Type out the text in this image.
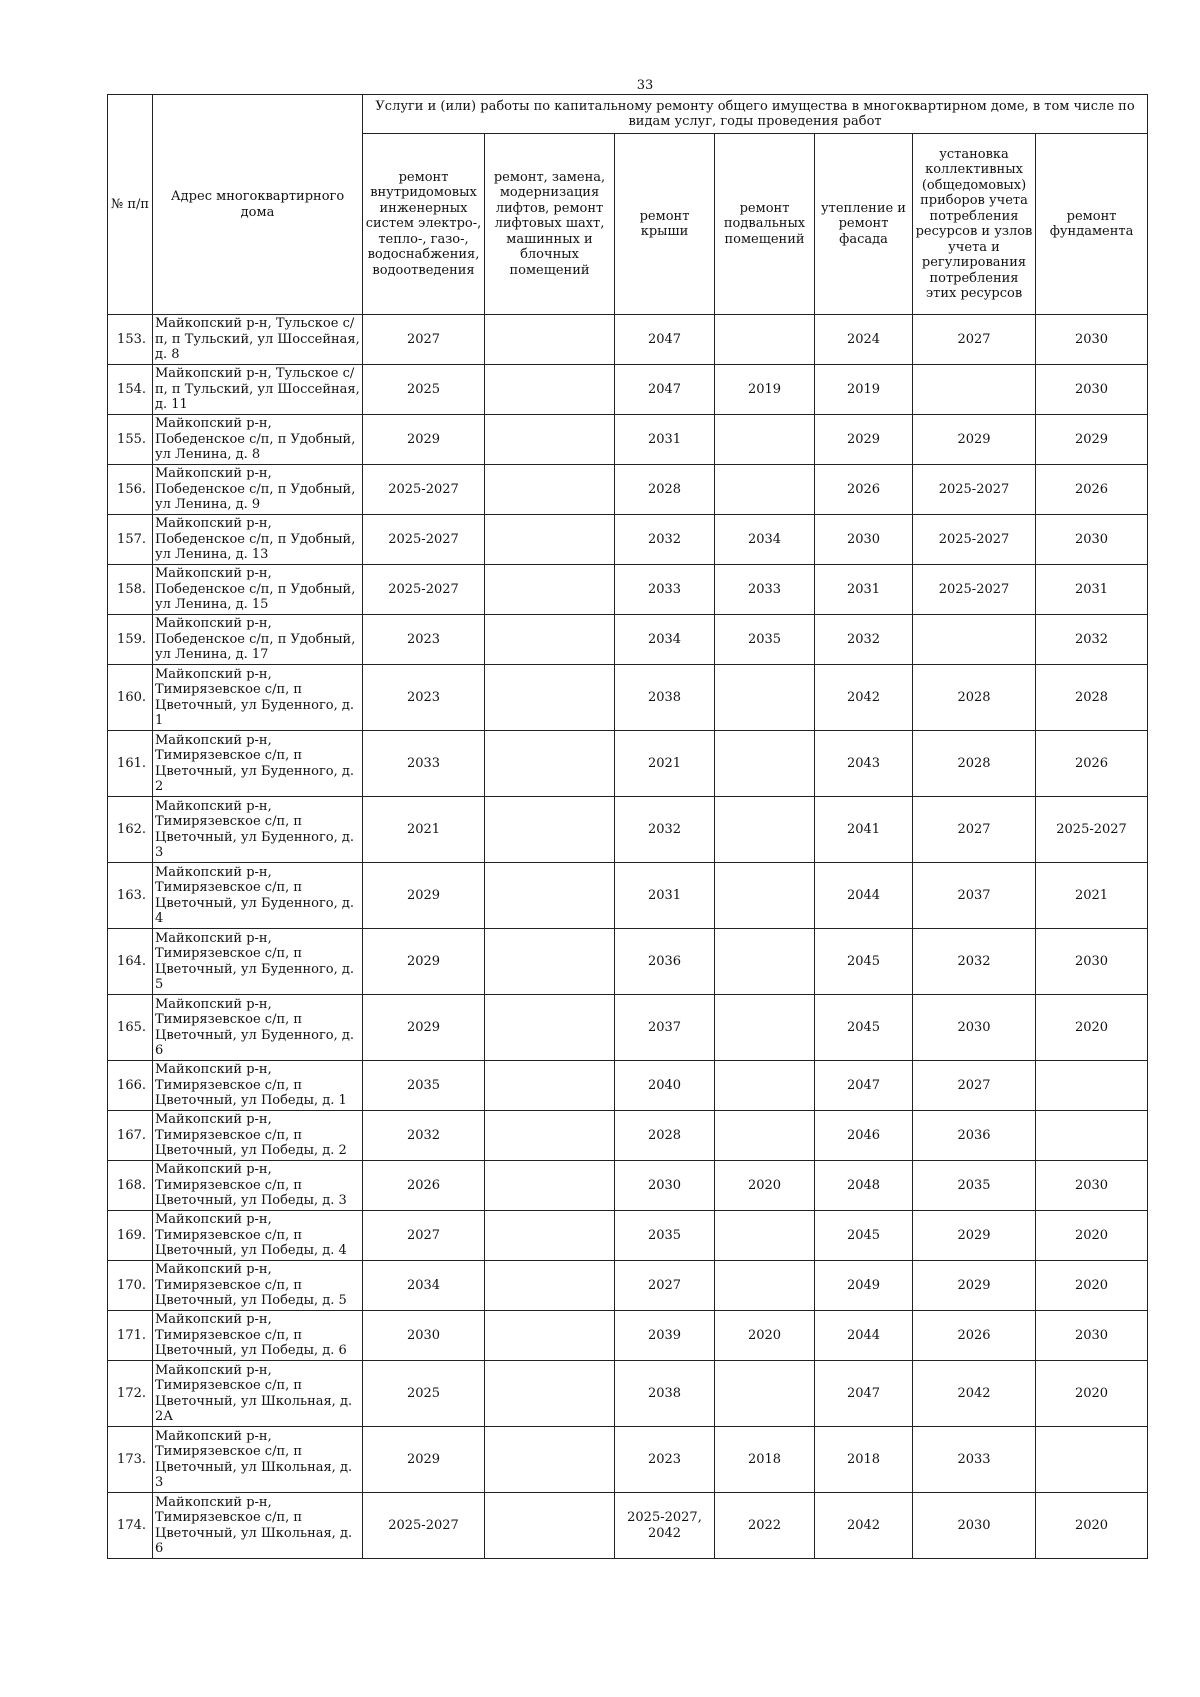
33
№ п/п	Адрес многоквартирного дома	Услуги и (или) работы по капитальному ремонту общего имущества в многоквартирном доме, в том числе по видам услуг, годы проведения работ						
		ремонт внутридомовых инженерных систем электро-, тепло-, газо-, водоснабжения, водоотведения	ремонт, замена, модернизация лифтов, ремонт лифтовых шахт, машинных и блочных помещений	ремонт крыши	ремонт подвальных помещений	утепление и ремонт фасада	установка коллективных (общедомовых) приборов учета потребления ресурсов и узлов учета и регулирования потребления этих ресурсов	ремонт фундамента
153.	Майкопский р-н, Тульское с/п, п Тульский, ул Шоссейная, д. 8	2027		2047		2024	2027	2030
154.	Майкопский р-н, Тульское с/п, п Тульский, ул Шоссейная, д. 11	2025		2047	2019	2019		2030
155.	Майкопский р-н, Победенское с/п, п Удобный, ул Ленина, д. 8	2029		2031		2029	2029	2029
156.	Майкопский р-н, Победенское с/п, п Удобный, ул Ленина, д. 9	2025-2027		2028		2026	2025-2027	2026
157.	Майкопский р-н, Победенское с/п, п Удобный, ул Ленина, д. 13	2025-2027		2032	2034	2030	2025-2027	2030
158.	Майкопский р-н, Победенское с/п, п Удобный, ул Ленина, д. 15	2025-2027		2033	2033	2031	2025-2027	2031
159.	Майкопский р-н, Победенское с/п, п Удобный, ул Ленина, д. 17	2023		2034	2035	2032		2032
160.	Майкопский р-н, Тимирязевское с/п, п Цветочный, ул Буденного, д. 1	2023		2038		2042	2028	2028
161.	Майкопский р-н, Тимирязевское с/п, п Цветочный, ул Буденного, д. 2	2033		2021		2043	2028	2026
162.	Майкопский р-н, Тимирязевское с/п, п Цветочный, ул Буденного, д. 3	2021		2032		2041	2027	2025-2027
163.	Майкопский р-н, Тимирязевское с/п, п Цветочный, ул Буденного, д. 4	2029		2031		2044	2037	2021
164.	Майкопский р-н, Тимирязевское с/п, п Цветочный, ул Буденного, д. 5	2029		2036		2045	2032	2030
165.	Майкопский р-н, Тимирязевское с/п, п Цветочный, ул Буденного, д. 6	2029		2037		2045	2030	2020
166.	Майкопский р-н, Тимирязевское с/п, п Цветочный, ул Победы, д. 1	2035		2040		2047	2027	
167.	Майкопский р-н, Тимирязевское с/п, п Цветочный, ул Победы, д. 2	2032		2028		2046	2036	
168.	Майкопский р-н, Тимирязевское с/п, п Цветочный, ул Победы, д. 3	2026		2030	2020	2048	2035	2030
169.	Майкопский р-н, Тимирязевское с/п, п Цветочный, ул Победы, д. 4	2027		2035		2045	2029	2020
170.	Майкопский р-н, Тимирязевское с/п, п Цветочный, ул Победы, д. 5	2034		2027		2049	2029	2020
171.	Майкопский р-н, Тимирязевское с/п, п Цветочный, ул Победы, д. 6	2030		2039	2020	2044	2026	2030
172.	Майкопский р-н, Тимирязевское с/п, п Цветочный, ул Школьная, д. 2А	2025		2038		2047	2042	2020
173.	Майкопский р-н, Тимирязевское с/п, п Цветочный, ул Школьная, д. 3	2029		2023	2018	2018	2033	
174.	Майкопский р-н, Тимирязевское с/п, п Цветочный, ул Школьная, д. 6	2025-2027		2025-2027, 2042	2022	2042	2030	2020
